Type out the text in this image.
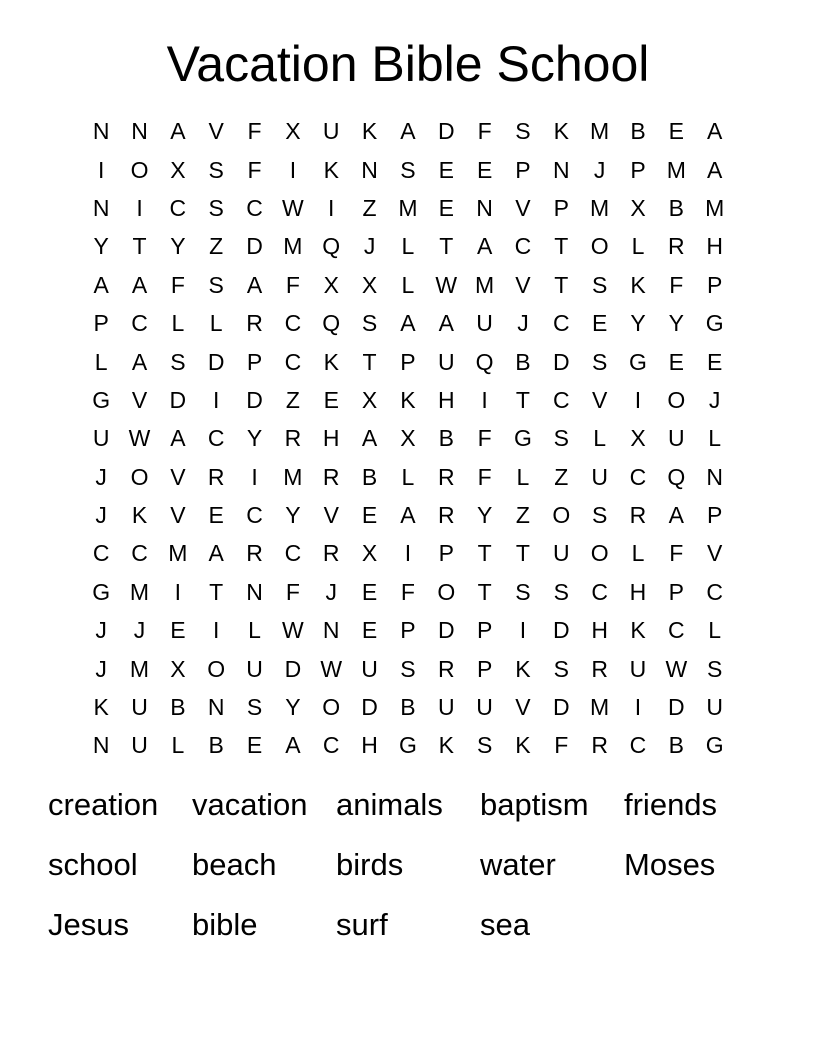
Vacation Bible School
N N A	V	F	X U K	A D	F	S	K M B	E	A
I	O X	S	F	I	K N S	E	E	P N	J	P M A
N	I	C S C W	I	Z M E N V	P M X	B M
Y	T	Y	Z	D M Q	J	L	T	A C	T O	L	R H
A	A	F	S	A	F	X	X	L W M V	T	S	K	F	P
P C	L	L	R C Q S	A	A U	J	C E	Y	Y G
L	A	S D P C K	T	P U Q B D S G E	E
G V D	I	D	Z	E	X	K H	I	T	C V	I	O	J
U W A C Y R H A	X	B	F G S	L	X U	L
J	O V R	I	M R B	L	R	F	L	Z	U C Q N
J	K	V	E C Y	V	E	A R Y	Z O S R A	P
C C M A R C R X	I	P	T	T	U O	L	F	V
G M	I	T	N	F	J	E	F O T	S	S C H P C
J	J	E	I	L W N E	P D P	I	D H K C	L
J	M X O U D W U S R P	K	S R U W S
K U B N S	Y O D B U U V D M	I	D U
N U	L	B	E	A C H G K	S	K	F	R C B G
creation	vacation animals	baptism	friends
school	beach	birds	water	Moses
Jesus	bible	surf	sea
